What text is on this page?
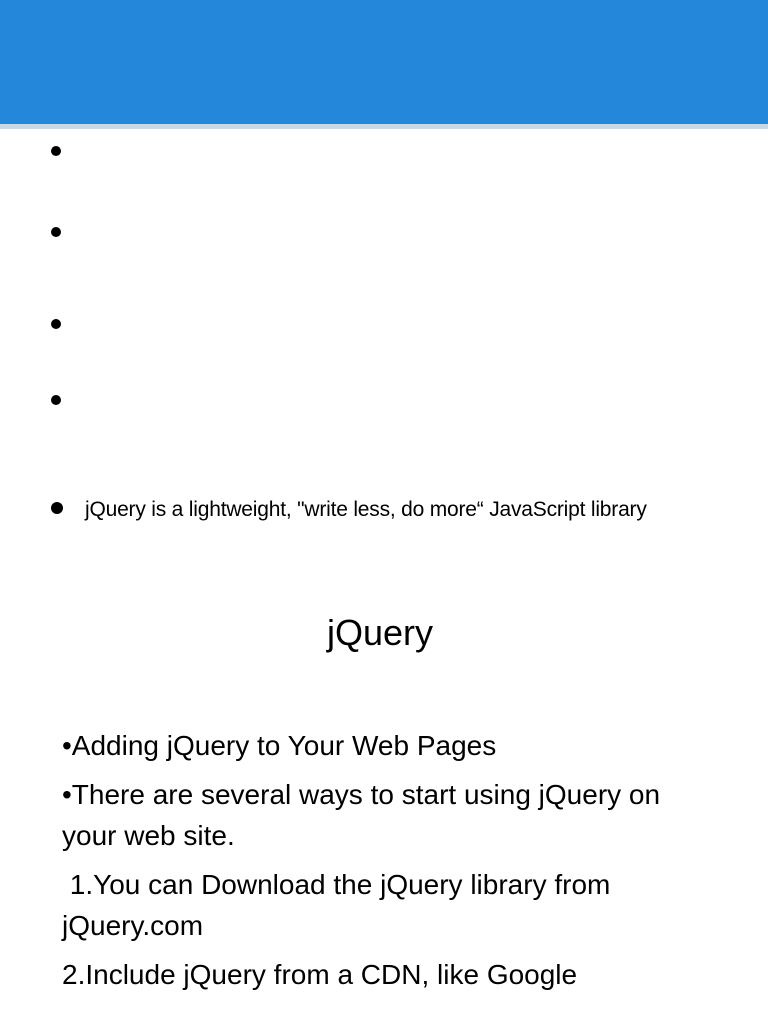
jQuery is a lightweight, "write less, do more“ JavaScript library
jQuery
•Adding jQuery to Your Web Pages
•There are several ways to start using jQuery on your web site.
1.You can Download the jQuery library from jQuery.com
2.Include jQuery from a CDN, like Google
